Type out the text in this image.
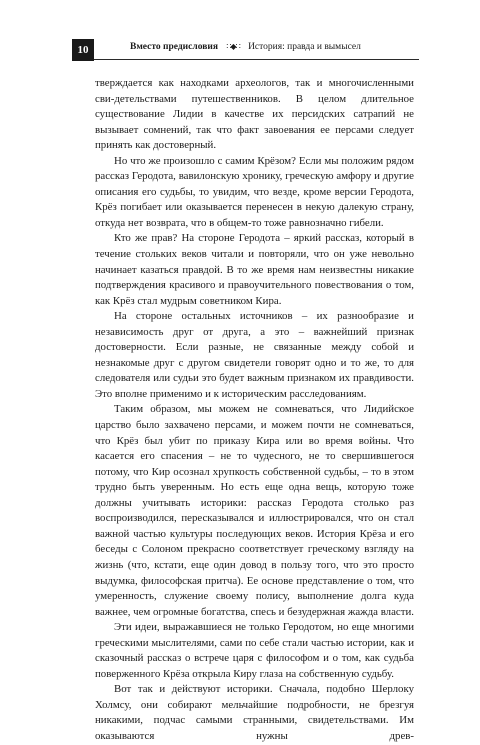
10	Вместо предисловия ∷◆∷ История: правда и вымысел

тверждается как находками археологов, так и многочисленными сви-детельствами путешественников. В целом длительное существование Лидии в качестве их персидских сатрапий не вызывает сомнений, так что факт завоевания ее персами следует принять как достоверный.

Но что же произошло с самим Крёзом? Если мы положим рядом рассказ Геродота, вавилонскую хронику, греческую амфору и другие описания его судьбы, то увидим, что везде, кроме версии Геродота, Крёз погибает или оказывается перенесен в некую далекую страну, откуда нет возврата, что в общем-то тоже равнозначно гибели.

Кто же прав? На стороне Геродота – яркий рассказ, который в течение стольких веков читали и повторяли, что он уже невольно начинает казаться правдой. В то же время нам неизвестны никакие подтверждения красивого и правоучительного повествования о том, как Крёз стал мудрым советником Кира.

На стороне остальных источников – их разнообразие и независимость друг от друга, а это – важнейший признак достоверности. Если разные, не связанные между собой и незнакомые друг с другом свидетели говорят одно и то же, то для следователя или судьи это будет важным признаком их правдивости. Это вполне применимо и к историческим расследованиям.

Таким образом, мы можем не сомневаться, что Лидийское царство было захвачено персами, и можем почти не сомневаться, что Крёз был убит по приказу Кира или во время войны. Что касается его спасения – не то чудесного, не то свершившегося потому, что Кир осознал хрупкость собственной судьбы, – то в этом трудно быть уверенным. Но есть еще одна вещь, которую тоже должны учитывать историки: рассказ Геродота столько раз воспроизводился, пересказывался и иллюстрировался, что он стал важной частью культуры последующих веков. История Крёза и его беседы с Солоном прекрасно соответствует греческому взгляду на жизнь (что, кстати, еще один довод в пользу того, что это просто выдумка, философская притча). Ее основе представление о том, что умеренность, служение своему полису, выполнение долга куда важнее, чем огромные богатства, спесь и безудержная жажда власти.

Эти идеи, выражавшиеся не только Геродотом, но еще многими греческими мыслителями, сами по себе стали частью истории, как и сказочный рассказ о встрече царя с философом и о том, как судьба поверженного Крёза открыла Киру глаза на собственную судьбу.

Вот так и действуют историки. Сначала, подобно Шерлоку Холмсу, они собирают мельчайшие подробности, не брезгуя никакими, подчас самыми странными, свидетельствами. Им оказываются нужны древ-
